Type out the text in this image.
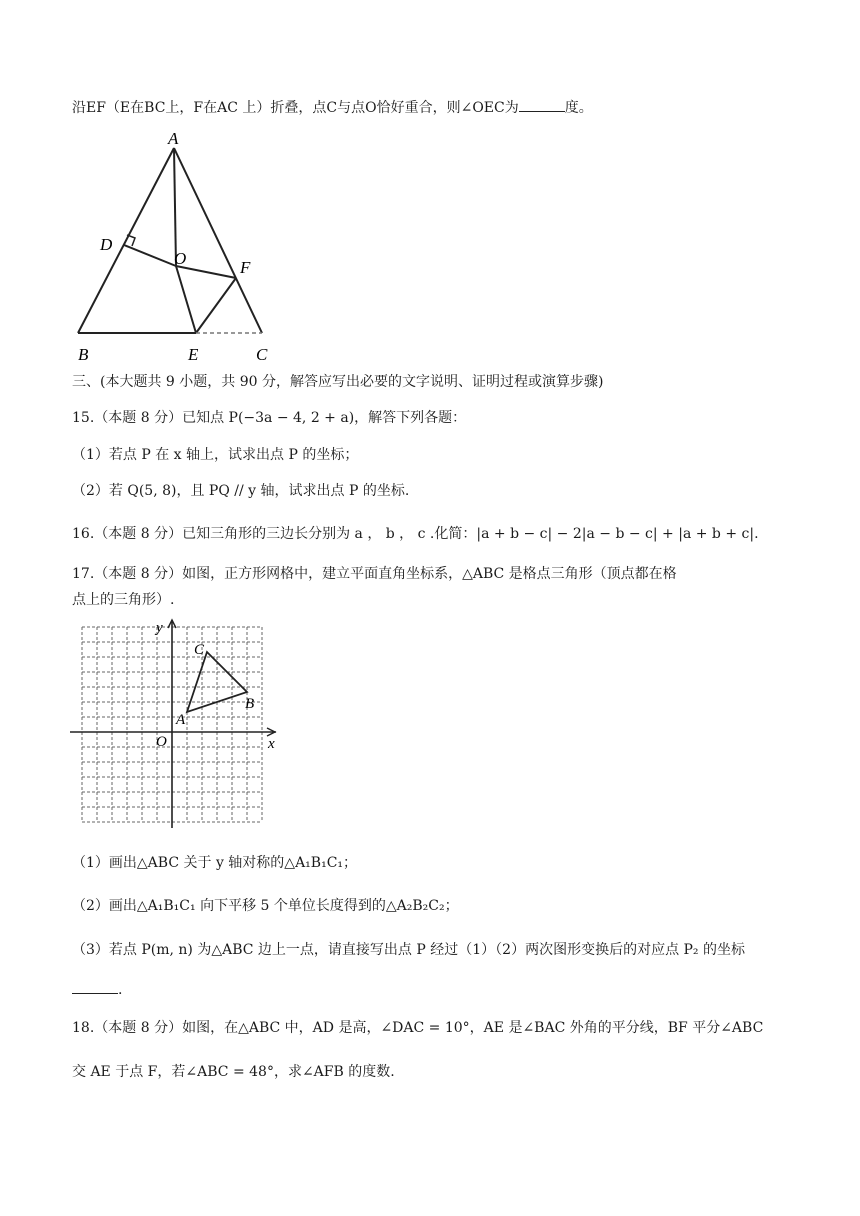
沿EF（E在BC上，F在AC 上）折叠，点C与点O恰好重合，则∠OEC为	度。
A
B	C
D
E
F
O
三、(本大题共 9 小题，共 90 分，解答应写出必要的文字说明、证明过程或演算步骤)
15.（本题 8 分）已知点 P(−3a − 4, 2 + a)，解答下列各题：
（1）若点 P 在 x 轴上，试求出点 P 的坐标；
（2）若 Q(5, 8)，且 PQ // y 轴，试求出点 P 的坐标.
16.（本题 8 分）已知三角形的三边长分别为 a ， b ， c .化简：|a + b − c| − 2|a − b − c| + |a + b + c|.
17.（本题 8 分）如图，正方形网格中，建立平面直角坐标系，△ABC 是格点三角形（顶点都在格
点上的三角形）.
x
y
O
A
B
C
（1）画出△ABC 关于 y 轴对称的△A₁B₁C₁；
（2）画出△A₁B₁C₁ 向下平移 5 个单位长度得到的△A₂B₂C₂；
（3）若点 P(m, n) 为△ABC 边上一点，请直接写出点 P 经过（1）（2）两次图形变换后的对应点 P₂ 的坐标
.
18.（本题 8 分）如图，在△ABC 中，AD 是高，∠DAC = 10°，AE 是∠BAC 外角的平分线，BF 平分∠ABC
交 AE 于点 F，若∠ABC = 48°，求∠AFB 的度数.
